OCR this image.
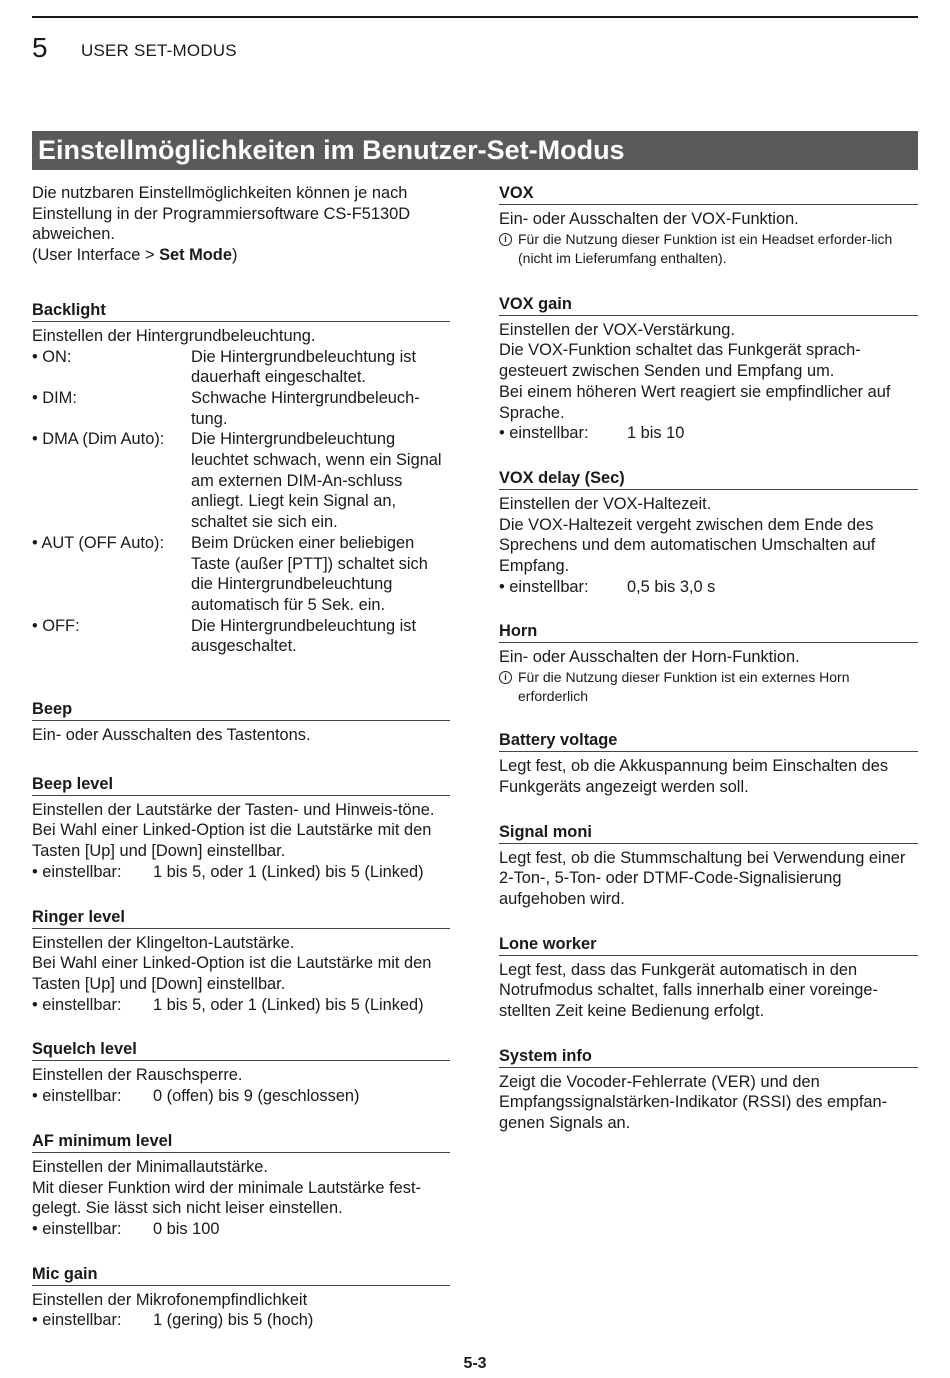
5 USER SET-MODUS
Einstellmöglichkeiten im Benutzer-Set-Modus

Die nutzbaren Einstellmöglichkeiten können je nach Einstellung in der Programmiersoftware CS-F5130D abweichen.

(User Interface > Set Mode)

Backlight

Einstellen der Hintergrundbeleuchtung.

• ON:	Die Hintergrundbeleuchtung ist dauerhaft eingeschaltet.
• DIM:	Schwache Hintergrundbeleuch-tung.
• DMA (Dim Auto):	Die Hintergrundbeleuchtung leuchtet schwach, wenn ein Signal am externen DIM-An-schluss anliegt. Liegt kein Signal an, schaltet sie sich ein.
• AUT (OFF Auto):	Beim Drücken einer beliebigen Taste (außer [PTT]) schaltet sich die Hintergrundbeleuchtung automatisch für 5 Sek. ein.
• OFF:	Die Hintergrundbeleuchtung ist ausgeschaltet.
Beep

Ein- oder Ausschalten des Tastentons.

Beep level

Einstellen der Lautstärke der Tasten- und Hinweis-töne. Bei Wahl einer Linked-Option ist die Lautstärke mit den Tasten [Up] und [Down] einstellbar.

• einstellbar:	1 bis 5, oder 1 (Linked) bis 5 (Linked)
Ringer level

Einstellen der Klingelton-Lautstärke.

Bei Wahl einer Linked-Option ist die Lautstärke mit den Tasten [Up] und [Down] einstellbar.

• einstellbar:	1 bis 5, oder 1 (Linked) bis 5 (Linked)
Squelch level

Einstellen der Rauschsperre.

• einstellbar:	0 (offen) bis 9 (geschlossen)
AF minimum level

Einstellen der Minimallautstärke.

Mit dieser Funktion wird der minimale Lautstärke fest-gelegt. Sie lässt sich nicht leiser einstellen.

• einstellbar:	0 bis 100
Mic gain

Einstellen der Mikrofonempfindlichkeit

• einstellbar:	1 (gering) bis 5 (hoch)
VOX

Ein- oder Ausschalten der VOX-Funktion.

i Für die Nutzung dieser Funktion ist ein Headset erforder-lich (nicht im Lieferumfang enthalten).
VOX gain

Einstellen der VOX-Verstärkung.

Die VOX-Funktion schaltet das Funkgerät sprach-gesteuert zwischen Senden und Empfang um.

Bei einem höheren Wert reagiert sie empfindlicher auf Sprache.

• einstellbar:	1 bis 10
VOX delay (Sec)

Einstellen der VOX-Haltezeit.

Die VOX-Haltezeit vergeht zwischen dem Ende des Sprechens und dem automatischen Umschalten auf Empfang.

• einstellbar:	0,5 bis 3,0 s
Horn

Ein- oder Ausschalten der Horn-Funktion.

i Für die Nutzung dieser Funktion ist ein externes Horn erforderlich
Battery voltage

Legt fest, ob die Akkuspannung beim Einschalten des Funkgeräts angezeigt werden soll.

Signal moni

Legt fest, ob die Stummschaltung bei Verwendung einer 2-Ton-, 5-Ton- oder DTMF-Code-Signalisierung aufgehoben wird.

Lone worker

Legt fest, dass das Funkgerät automatisch in den Notrufmodus schaltet, falls innerhalb einer voreinge-stellten Zeit keine Bedienung erfolgt.

System info

Zeigt die Vocoder-Fehlerrate (VER) und den Empfangssignalstärken-Indikator (RSSI) des empfan-genen Signals an.

5-3
